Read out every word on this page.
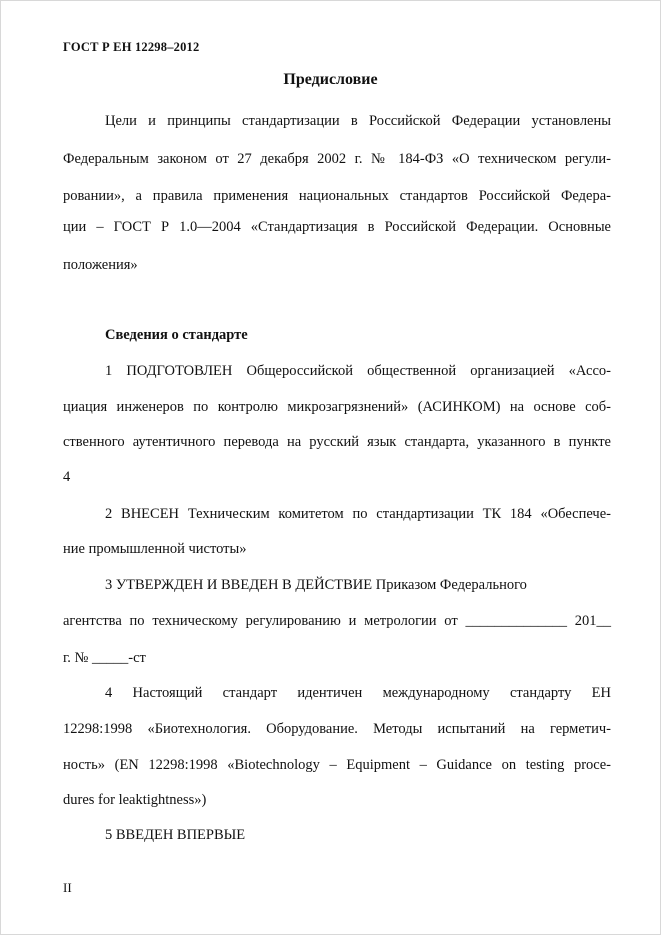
ГОСТ Р ЕН 12298–2012
Предисловие
Цели и принципы стандартизации в Российской Федерации установлены
Федеральным законом от 27 декабря 2002 г. № 184-ФЗ «О техническом регули-
ровании», а правила применения национальных стандартов Российской Федера-
ции – ГОСТ Р 1.0—2004 «Стандартизация в Российской Федерации. Основные
положения»
Сведения о стандарте
1 ПОДГОТОВЛЕН Общероссийской общественной организацией «Ассо-
циация инженеров по контролю микрозагрязнений» (АСИНКОМ) на основе соб-
ственного аутентичного перевода на русский язык стандарта, указанного в пункте
4
2 ВНЕСЕН Техническим комитетом по стандартизации ТК 184 «Обеспече-
ние промышленной чистоты»
3 УТВЕРЖДЕН И ВВЕДЕН В ДЕЙСТВИЕ Приказом Федерального
агентства по техническому регулированию и метрологии от ______________ 201__
г. № _____-ст
4 Настоящий стандарт идентичен международному стандарту ЕН
12298:1998 «Биотехнология. Оборудование. Методы испытаний на герметич-
ность» (EN 12298:1998 «Biotechnology – Equipment – Guidance on testing proce-
dures for leaktightness»)
5 ВВЕДЕН ВПЕРВЫЕ
II
